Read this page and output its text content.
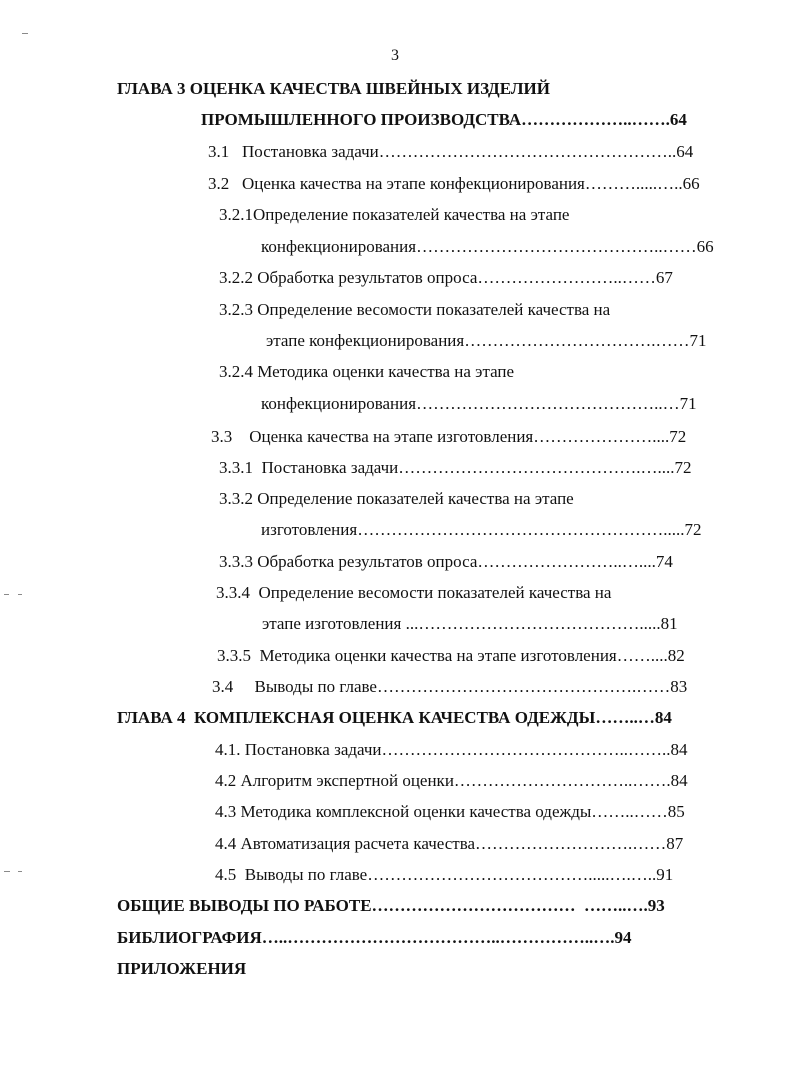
3
ГЛАВА 3 ОЦЕНКА КАЧЕСТВА ШВЕЙНЫХ ИЗДЕЛИЙ
ПРОМЫШЛЕННОГО ПРОИЗВОДСТВА………………..…….64
3.1   Постановка задачи……………………………………………..64
3.2   Оценка качества на этапе конфекционирования……….....…..66
3.2.1Определение показателей качества на этапе
конфекционирования……………………………………..……66
3.2.2 Обработка результатов опроса……………………..……67
3.2.3 Определение весомости показателей качества на
этапе конфекционирования…………………………….……71
3.2.4 Методика оценки качества на этапе
конфекционирования……………………………………..…71
3.3    Оценка качества на этапе изготовления…………………....72
3.3.1  Постановка задачи…………………………………….…....72
3.3.2 Определение показателей качества на этапе
изготовления……………………………………………….....72
3.3.3 Обработка результатов опроса……………………..…....74
3.3.4  Определение весомости показателей качества на
этапе изготовления ...………………………………….....81
3.3.5  Методика оценки качества на этапе изготовления……....82
3.4     Выводы по главе……………………………………….……83
ГЛАВА 4  КОМПЛЕКСНАЯ ОЦЕНКА КАЧЕСТВА ОДЕЖДЫ……..…84
4.1. Постановка задачи……………………………………..……..84
4.2 Алгоритм экспертной оценки…………………………..…….84
4.3 Методика комплексной оценки качества одежды……..……85
4.4 Автоматизация расчета качества……………………….……87
4.5  Выводы по главе………………………………….....….…..91
ОБЩИЕ ВЫВОДЫ ПО РАБОТЕ………………………………  ……..….93
БИБЛИОГРАФИЯ…..………………………………..……………..….94
ПРИЛОЖЕНИЯ
